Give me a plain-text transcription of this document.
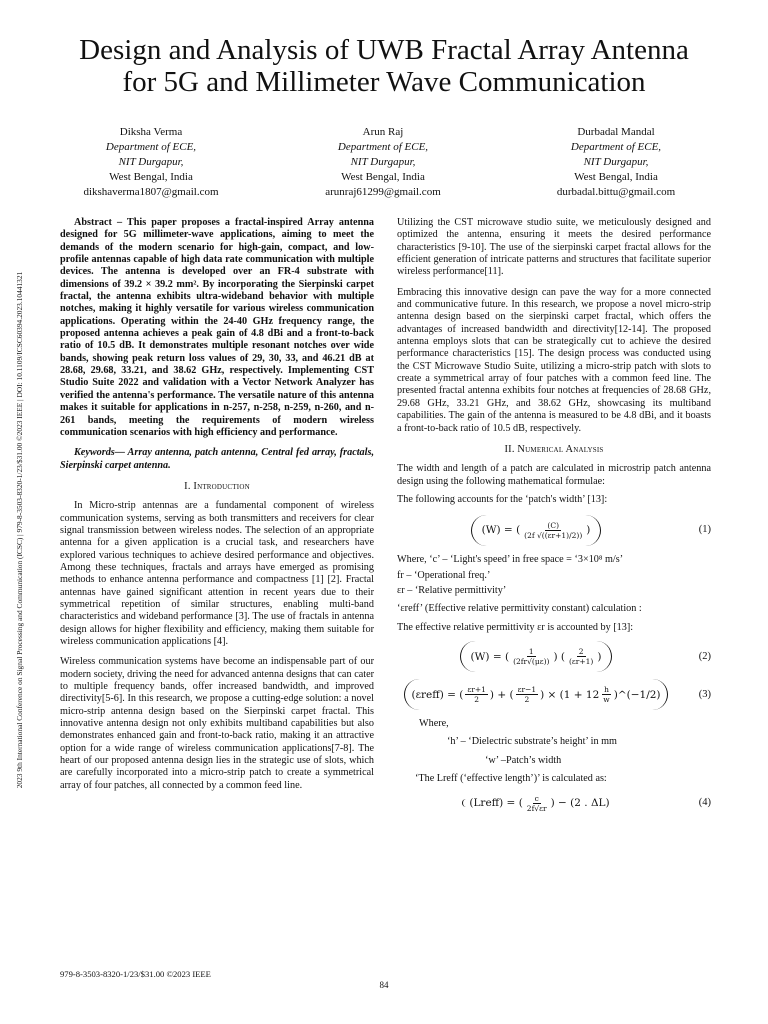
2023 9th International Conference on Signal Processing and Communication (ICSC) | 979-8-3503-8320-1/23/$31.00 ©2023 IEEE | DOI: 10.1109/ICSC60394.2023.10441321
Design and Analysis of UWB Fractal Array Antenna
for 5G and Millimeter Wave Communication
Diksha Verma
Department of ECE,
NIT Durgapur,
West Bengal, India
dikshaverma1807@gmail.com
Arun Raj
Department of ECE,
NIT Durgapur,
West Bengal, India
arunraj61299@gmail.com
Durbadal Mandal
Department of ECE,
NIT Durgapur,
West Bengal, India
durbadal.bittu@gmail.com

Abstract – This paper proposes a fractal-inspired Array antenna designed for 5G millimeter-wave applications, aiming to meet the demands of the modern scenario for high-gain, compact, and low-profile antennas capable of high data rate communication with multiple devices. The antenna is developed over an FR-4 substrate with dimensions of 39.2 × 39.2 mm². By incorporating the Sierpinski carpet fractal, the antenna exhibits ultra-wideband behavior with multiple notches, making it highly versatile for various wireless communication applications. Operating within the 24-40 GHz frequency range, the proposed antenna achieves a peak gain of 4.8 dBi and a front-to-back ratio of 10.5 dB. It demonstrates multiple resonant notches over wide bands, showing peak return loss values of 29, 30, 33, and 46.21 dB at 28.68, 29.68, 33.21, and 38.62 GHz, respectively. Implementing CST Studio Suite 2022 and validation with a Vector Network Analyzer has verified the antenna's performance. The versatile nature of this antenna makes it suitable for applications in n-257, n-258, n-259, n-260, and n-261 bands, meeting the requirements of modern wireless communication scenarios with high efficiency and performance.

Keywords— Array antenna, patch antenna, Central fed array, fractals, Sierpinski carpet antenna.

I. Introduction

In Micro-strip antennas are a fundamental component of wireless communication systems, serving as both transmitters and receivers for clear signal transmission between wireless nodes. The selection of an appropriate antenna for a given application is a crucial task, and researchers have explored various techniques to achieve desired performance and objectives. Among these techniques, fractals and arrays have emerged as promising methods to enhance antenna performance and compactness [1] [2]. Fractal antennas have gained significant attention in recent years due to their symmetrical repetition of similar structures, enabling multi-band characteristics and wideband performance [3]. The use of fractals in antenna design allows for higher flexibility and efficiency, making them suitable for wireless communication applications [4].

Wireless communication systems have become an indispensable part of our modern society, driving the need for advanced antenna designs that can cater to multiple frequency bands, offer increased bandwidth, and improved directivity[5-6]. In this research, we propose a cutting-edge solution: a novel micro-strip antenna design based on the Sierpinski carpet fractal. This innovative antenna design not only exhibits multiband capabilities but also demonstrates enhanced gain and front-to-back ratio, making it an attractive option for a wide range of wireless communication applications[7-8]. The heart of our proposed antenna design lies in the strategic use of slots, which are carefully incorporated into a micro-strip patch to create a symmetrical array of four patches, all connected by a common feed line.

Utilizing the CST microwave studio suite, we meticulously designed and optimized the antenna, ensuring it meets the desired performance characteristics [9-10]. The use of the sierpinski carpet fractal allows for the efficient generation of intricate patterns and structures that facilitate superior wireless performance[11].

Embracing this innovative design can pave the way for a more connected and communicative future. In this research, we propose a novel micro-strip antenna design based on the sierpinski carpet fractal, which offers the advantages of increased bandwidth and directivity[12-14]. The proposed antenna employs slots that can be strategically cut to achieve the desired performance characteristics [15]. The design process was conducted using the CST Microwave Studio Suite, utilizing a micro-strip patch with slots to create a symmetrical array of four patches with a common feed line. The presented fractal antenna exhibits four notches at frequencies of 28.68 GHz, 29.68 GHz, 33.21 GHz, and 38.62 GHz, showcasing its multiband capabilities. The gain of the antenna is measured to be 4.8 dBi, and it boasts a front-to-back ratio of 10.5 dB, respectively.

II. Numerical Analysis

The width and length of a patch are calculated in microstrip patch antenna design using the following mathematical formulae:

The following accounts for the ‘patch's width’ [13]:

(W) = ( $\frac{(C)}{(2f √((\varepsilon r+1)/2))}$ )	(1)

Where, ‘c’ – ‘Light's speed’ in free space = ‘3×10⁸ m/s’

fr – ‘Operational freq.’

εr – ‘Relative permittivity’

‘εreff’ (Effective relative permittivity constant) calculation :

The effective relative permittivity εr is accounted by [13]:

(W) = ( $\frac{1}{(2fr√(\mu\varepsilon))}$ ) ( $\frac{2}{(\varepsilon r+1)}$ )	(2)
(εreff) = ( $\frac{\varepsilon r+1}{2}$ ) + ( $\frac{\varepsilon r-1}{2}$ ) × ($1 + 12 \frac{h}{w}$ )^(−1/2)	(3)

Where,

‘h’ – ‘Dielectric substrate’s height’ in mm

‘w’ –Patch’s width

‘The Lreff (‘effective length’)’ is calculated as:

(Lreff) = ( $\frac{c}{2f√\varepsilon r}$ ) − (2 . ΔL)	(4)
979-8-3503-8320-1/23/$31.00 ©2023 IEEE
84
